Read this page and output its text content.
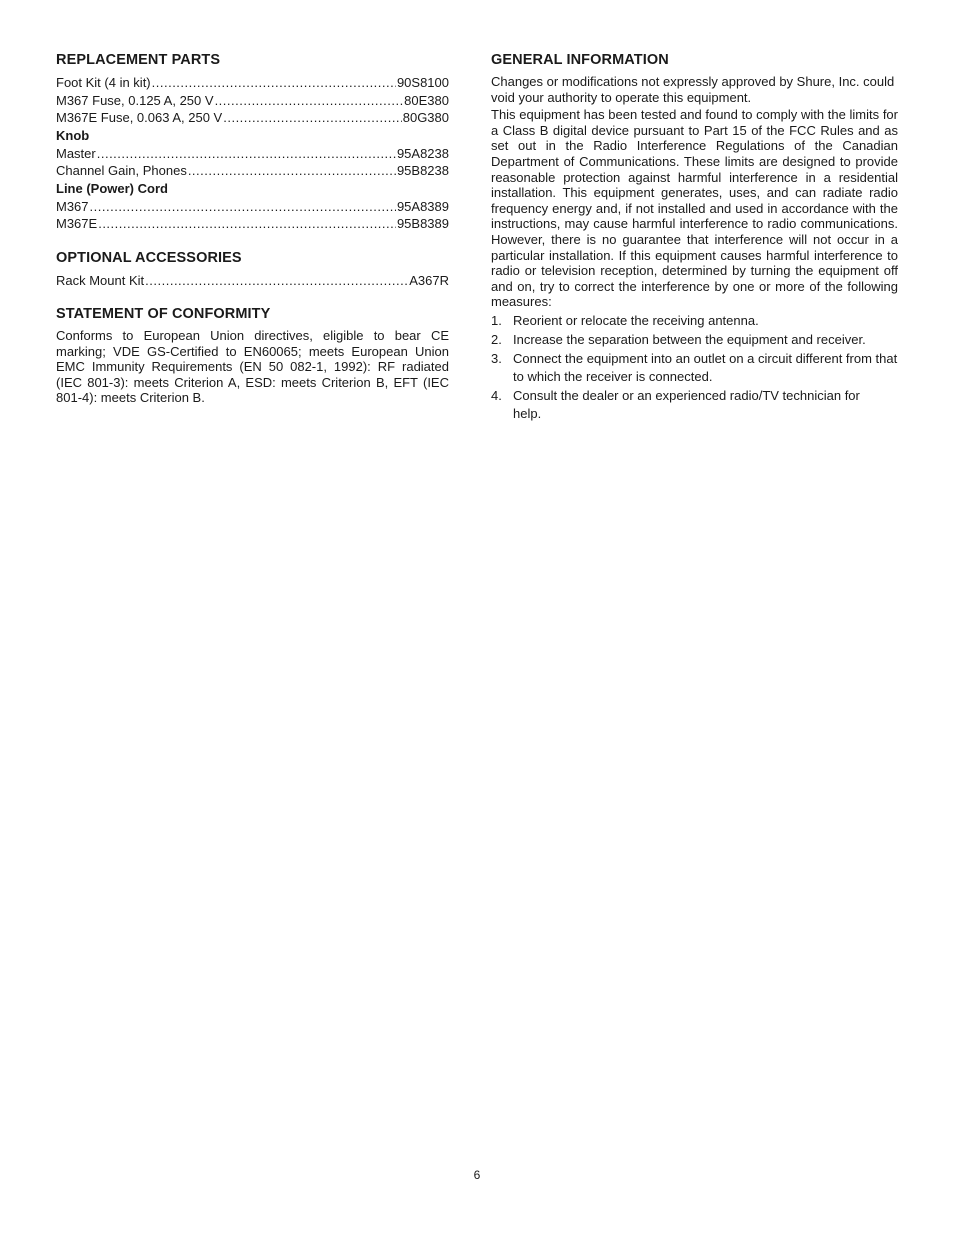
REPLACEMENT PARTS
Foot Kit (4 in kit) .....	90S8100
M367 Fuse, 0.125 A, 250 V .....	80E380
M367E Fuse, 0.063 A, 250 V .....	80G380
Knob
Master .....	95A8238
Channel Gain, Phones .....	95B8238
Line (Power) Cord
M367 .....	95A8389
M367E .....	95B8389
OPTIONAL ACCESSORIES
Rack Mount Kit .....	A367R
STATEMENT OF CONFORMITY

Conforms to European Union directives, eligible to bear CE marking; VDE GS-Certified to EN60065; meets European Union EMC Immunity Requirements (EN 50 082-1, 1992): RF radiated (IEC 801-3): meets Criterion A, ESD: meets Criterion B, EFT (IEC 801-4): meets Criterion B.

GENERAL INFORMATION

Changes or modifications not expressly approved by Shure, Inc. could void your authority to operate this equipment.

This equipment has been tested and found to comply with the limits for a Class B digital device pursuant to Part 15 of the FCC Rules and as set out in the Radio Interference Regulations of the Canadian Department of Communications. These limits are designed to provide reasonable protection against harmful interference in a residential installation. This equipment generates, uses, and can radiate radio frequency energy and, if not installed and used in accordance with the instructions, may cause harmful interference to radio communications. However, there is no guarantee that interference will not occur in a particular installation. If this equipment causes harmful interference to radio or television reception, determined by turning the equipment off and on, try to correct the interference by one or more of the following measures:

1. Reorient or relocate the receiving antenna.
2. Increase the separation between the equipment and receiver.
3. Connect the equipment into an outlet on a circuit different from that to which the receiver is connected.
4. Consult the dealer or an experienced radio/TV technician for help.
6
